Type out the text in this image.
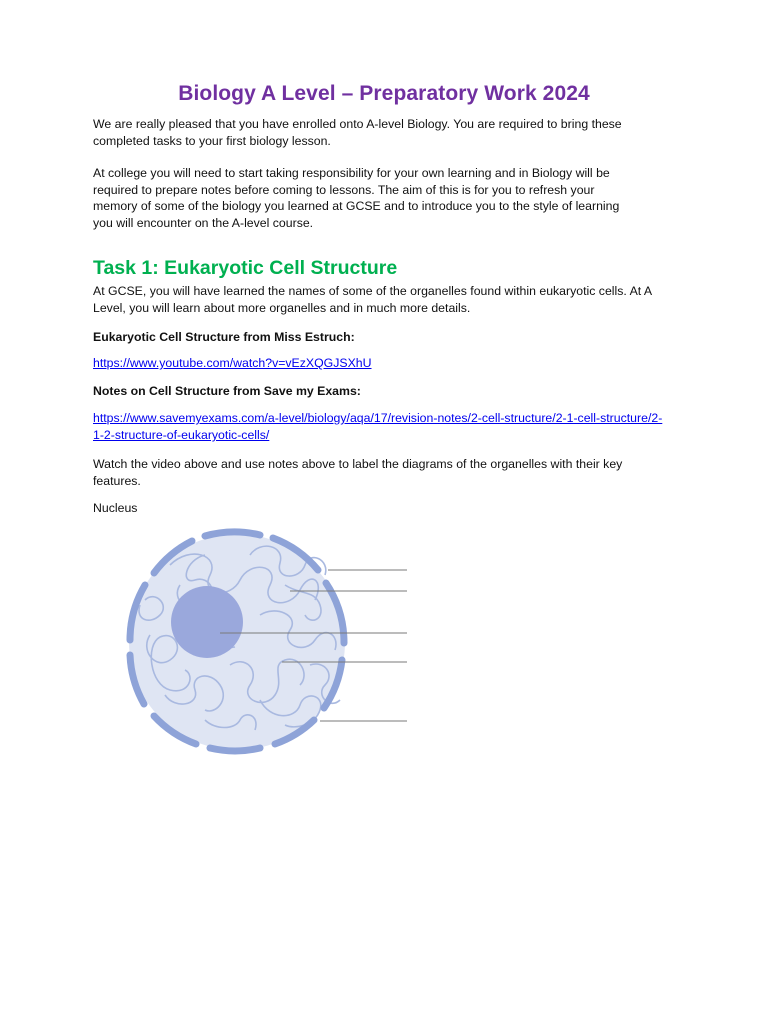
Biology A Level – Preparatory Work 2024

We are really pleased that you have enrolled onto A-level Biology. You are required to bring these completed tasks to your first biology lesson.

At college you will need to start taking responsibility for your own learning and in Biology will be required to prepare notes before coming to lessons. The aim of this is for you to refresh your memory of some of the biology you learned at GCSE and to introduce you to the style of learning you will encounter on the A-level course.

Task 1: Eukaryotic Cell Structure

At GCSE, you will have learned the names of some of the organelles found within eukaryotic cells. At A Level, you will learn about more organelles and in much more details.

Eukaryotic Cell Structure from Miss Estruch:

https://www.youtube.com/watch?v=vEzXQGJSXhU

Notes on Cell Structure from Save my Exams:

https://www.savemyexams.com/a-level/biology/aqa/17/revision-notes/2-cell-structure/2-1-cell-structure/2-1-2-structure-of-eukaryotic-cells/

Watch the video above and use notes above to label the diagrams of the organelles with their key features.

Nucleus
